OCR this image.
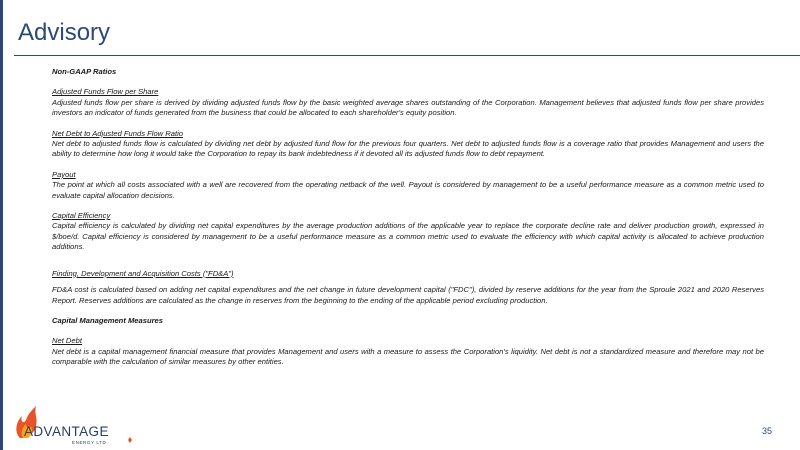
Advisory

Non-GAAP Ratios

Adjusted Funds Flow per Share

Adjusted funds flow per share is derived by dividing adjusted funds flow by the basic weighted average shares outstanding of the Corporation. Management believes that adjusted funds flow per share provides investors an indicator of funds generated from the business that could be allocated to each shareholder's equity position.

Net Debt to Adjusted Funds Flow Ratio

Net debt to adjusted funds flow is calculated by dividing net debt by adjusted fund flow for the previous four quarters. Net debt to adjusted funds flow is a coverage ratio that provides Management and users the ability to determine how long it would take the Corporation to repay its bank indebtedness if it devoted all its adjusted funds flow to debt repayment.

Payout

The point at which all costs associated with a well are recovered from the operating netback of the well. Payout is considered by management to be a useful performance measure as a common metric used to evaluate capital allocation decisions.

Capital Efficiency

Capital efficiency is calculated by dividing net capital expenditures by the average production additions of the applicable year to replace the corporate decline rate and deliver production growth, expressed in $/boe/d. Capital efficiency is considered by management to be a useful performance measure as a common metric used to evaluate the efficiency with which capital activity is allocated to achieve production additions.

Finding, Development and Acquisition Costs ("FD&A")

FD&A cost is calculated based on adding net capital expenditures and the net change in future development capital ("FDC"), divided by reserve additions for the year from the Sproule 2021 and 2020 Reserves Report. Reserves additions are calculated as the change in reserves from the beginning to the ending of the applicable period excluding production.

Capital Management Measures

Net Debt

Net debt is a capital management financial measure that provides Management and users with a measure to assess the Corporation's liquidity. Net debt is not a standardized measure and therefore may not be comparable with the calculation of similar measures by other entities.

ADVANTAGE
ENERGY LTD.
35
